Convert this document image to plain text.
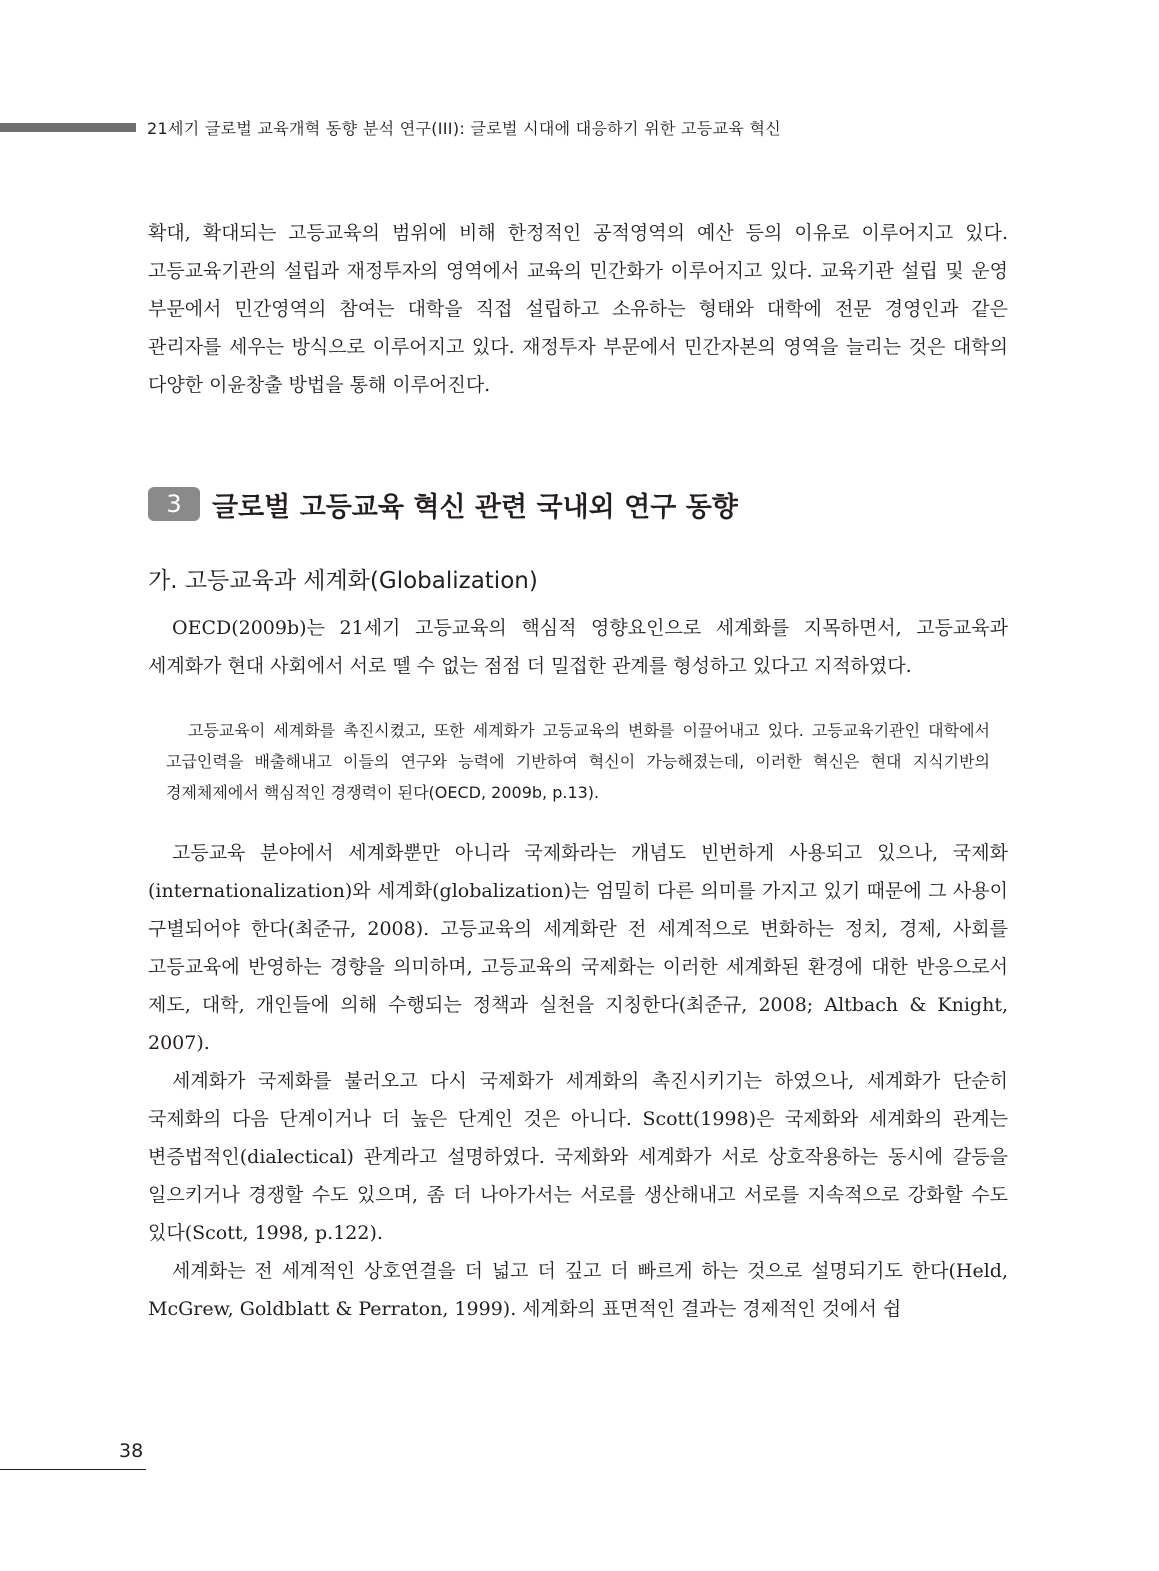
21세기 글로벌 교육개혁 동향 분석 연구(III): 글로벌 시대에 대응하기 위한 고등교육 혁신

확대, 확대되는 고등교육의 범위에 비해 한정적인 공적영역의 예산 등의 이유로 이루어지고 있다. 고등교육기관의 설립과 재정투자의 영역에서 교육의 민간화가 이루어지고 있다. 교육기관 설립 및 운영 부문에서 민간영역의 참여는 대학을 직접 설립하고 소유하는 형태와 대학에 전문 경영인과 같은 관리자를 세우는 방식으로 이루어지고 있다. 재정투자 부문에서 민간자본의 영역을 늘리는 것은 대학의 다양한 이윤창출 방법을 통해 이루어진다.

3	글로벌 고등교육 혁신 관련 국내외 연구 동향
가. 고등교육과 세계화(Globalization)

OECD(2009b)는 21세기 고등교육의 핵심적 영향요인으로 세계화를 지목하면서, 고등교육과 세계화가 현대 사회에서 서로 뗄 수 없는 점점 더 밀접한 관계를 형성하고 있다고 지적하였다.

고등교육이 세계화를 촉진시켰고, 또한 세계화가 고등교육의 변화를 이끌어내고 있다. 고등교육기관인 대학에서 고급인력을 배출해내고 이들의 연구와 능력에 기반하여 혁신이 가능해졌는데, 이러한 혁신은 현대 지식기반의 경제체제에서 핵심적인 경쟁력이 된다(OECD, 2009b, p.13).

고등교육 분야에서 세계화뿐만 아니라 국제화라는 개념도 빈번하게 사용되고 있으나, 국제화(internationalization)와 세계화(globalization)는 엄밀히 다른 의미를 가지고 있기 때문에 그 사용이 구별되어야 한다(최준규, 2008). 고등교육의 세계화란 전 세계적으로 변화하는 정치, 경제, 사회를 고등교육에 반영하는 경향을 의미하며, 고등교육의 국제화는 이러한 세계화된 환경에 대한 반응으로서 제도, 대학, 개인들에 의해 수행되는 정책과 실천을 지칭한다(최준규, 2008; Altbach & Knight, 2007).

세계화가 국제화를 불러오고 다시 국제화가 세계화의 촉진시키기는 하였으나, 세계화가 단순히 국제화의 다음 단계이거나 더 높은 단계인 것은 아니다. Scott(1998)은 국제화와 세계화의 관계는 변증법적인(dialectical) 관계라고 설명하였다. 국제화와 세계화가 서로 상호작용하는 동시에 갈등을 일으키거나 경쟁할 수도 있으며, 좀 더 나아가서는 서로를 생산해내고 서로를 지속적으로 강화할 수도 있다(Scott, 1998, p.122).

세계화는 전 세계적인 상호연결을 더 넓고 더 깊고 더 빠르게 하는 것으로 설명되기도 한다(Held, McGrew, Goldblatt & Perraton, 1999). 세계화의 표면적인 결과는 경제적인 것에서 쉽

38
